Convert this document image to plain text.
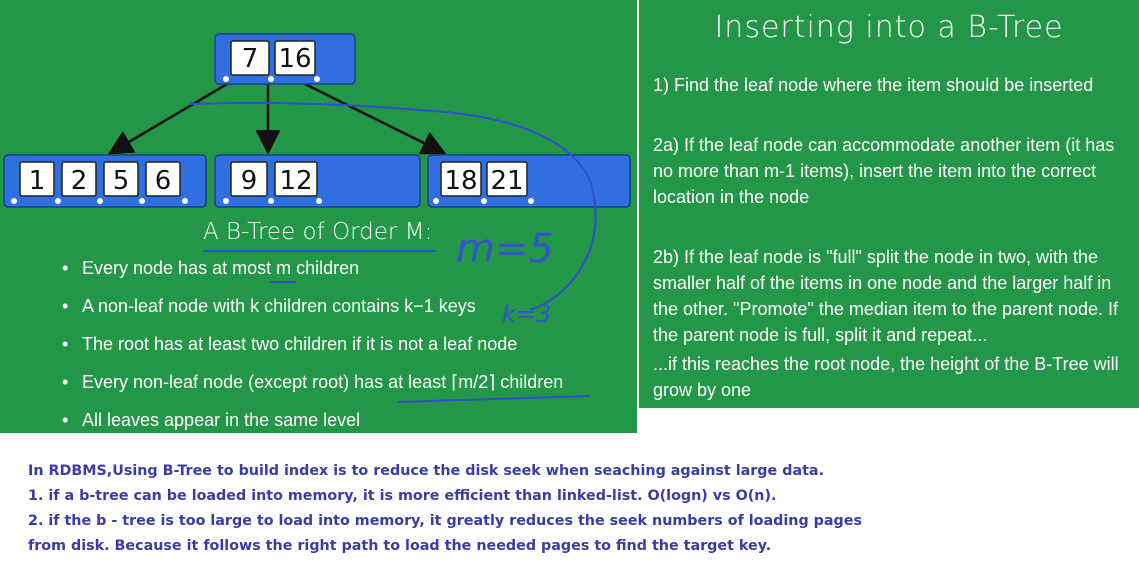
7 16
1 2 5 6	9 12	18 21
A B-Tree of Order M: m=5
k=3
• Every node has at most m children
• A non-leaf node with k children contains k−1 keys
• The root has at least two children if it is not a leaf node
• Every non-leaf node (except root) has at least ⌈m/2⌉ children
• All leaves appear in the same level
Inserting into a B-Tree
1) Find the leaf node where the item should be inserted
2a) If the leaf node can accommodate another item (it has no more than m-1 items), insert the item into the correct location in the node
2b) If the leaf node is "full" split the node in two, with the smaller half of the items in one node and the larger half in the other. "Promote" the median item to the parent node. If the parent node is full, split it and repeat...
...if this reaches the root node, the height of the B-Tree will grow by one
In RDBMS,Using B-Tree to build index is to reduce the disk seek when seaching against large data.
1. if a b-tree can be loaded into memory, it is more efficient than linked-list. O(logn) vs O(n).
2. if the b - tree is too large to load into memory, it greatly reduces the seek numbers of loading pages
from disk. Because it follows the right path to load the needed pages to find the target key.
